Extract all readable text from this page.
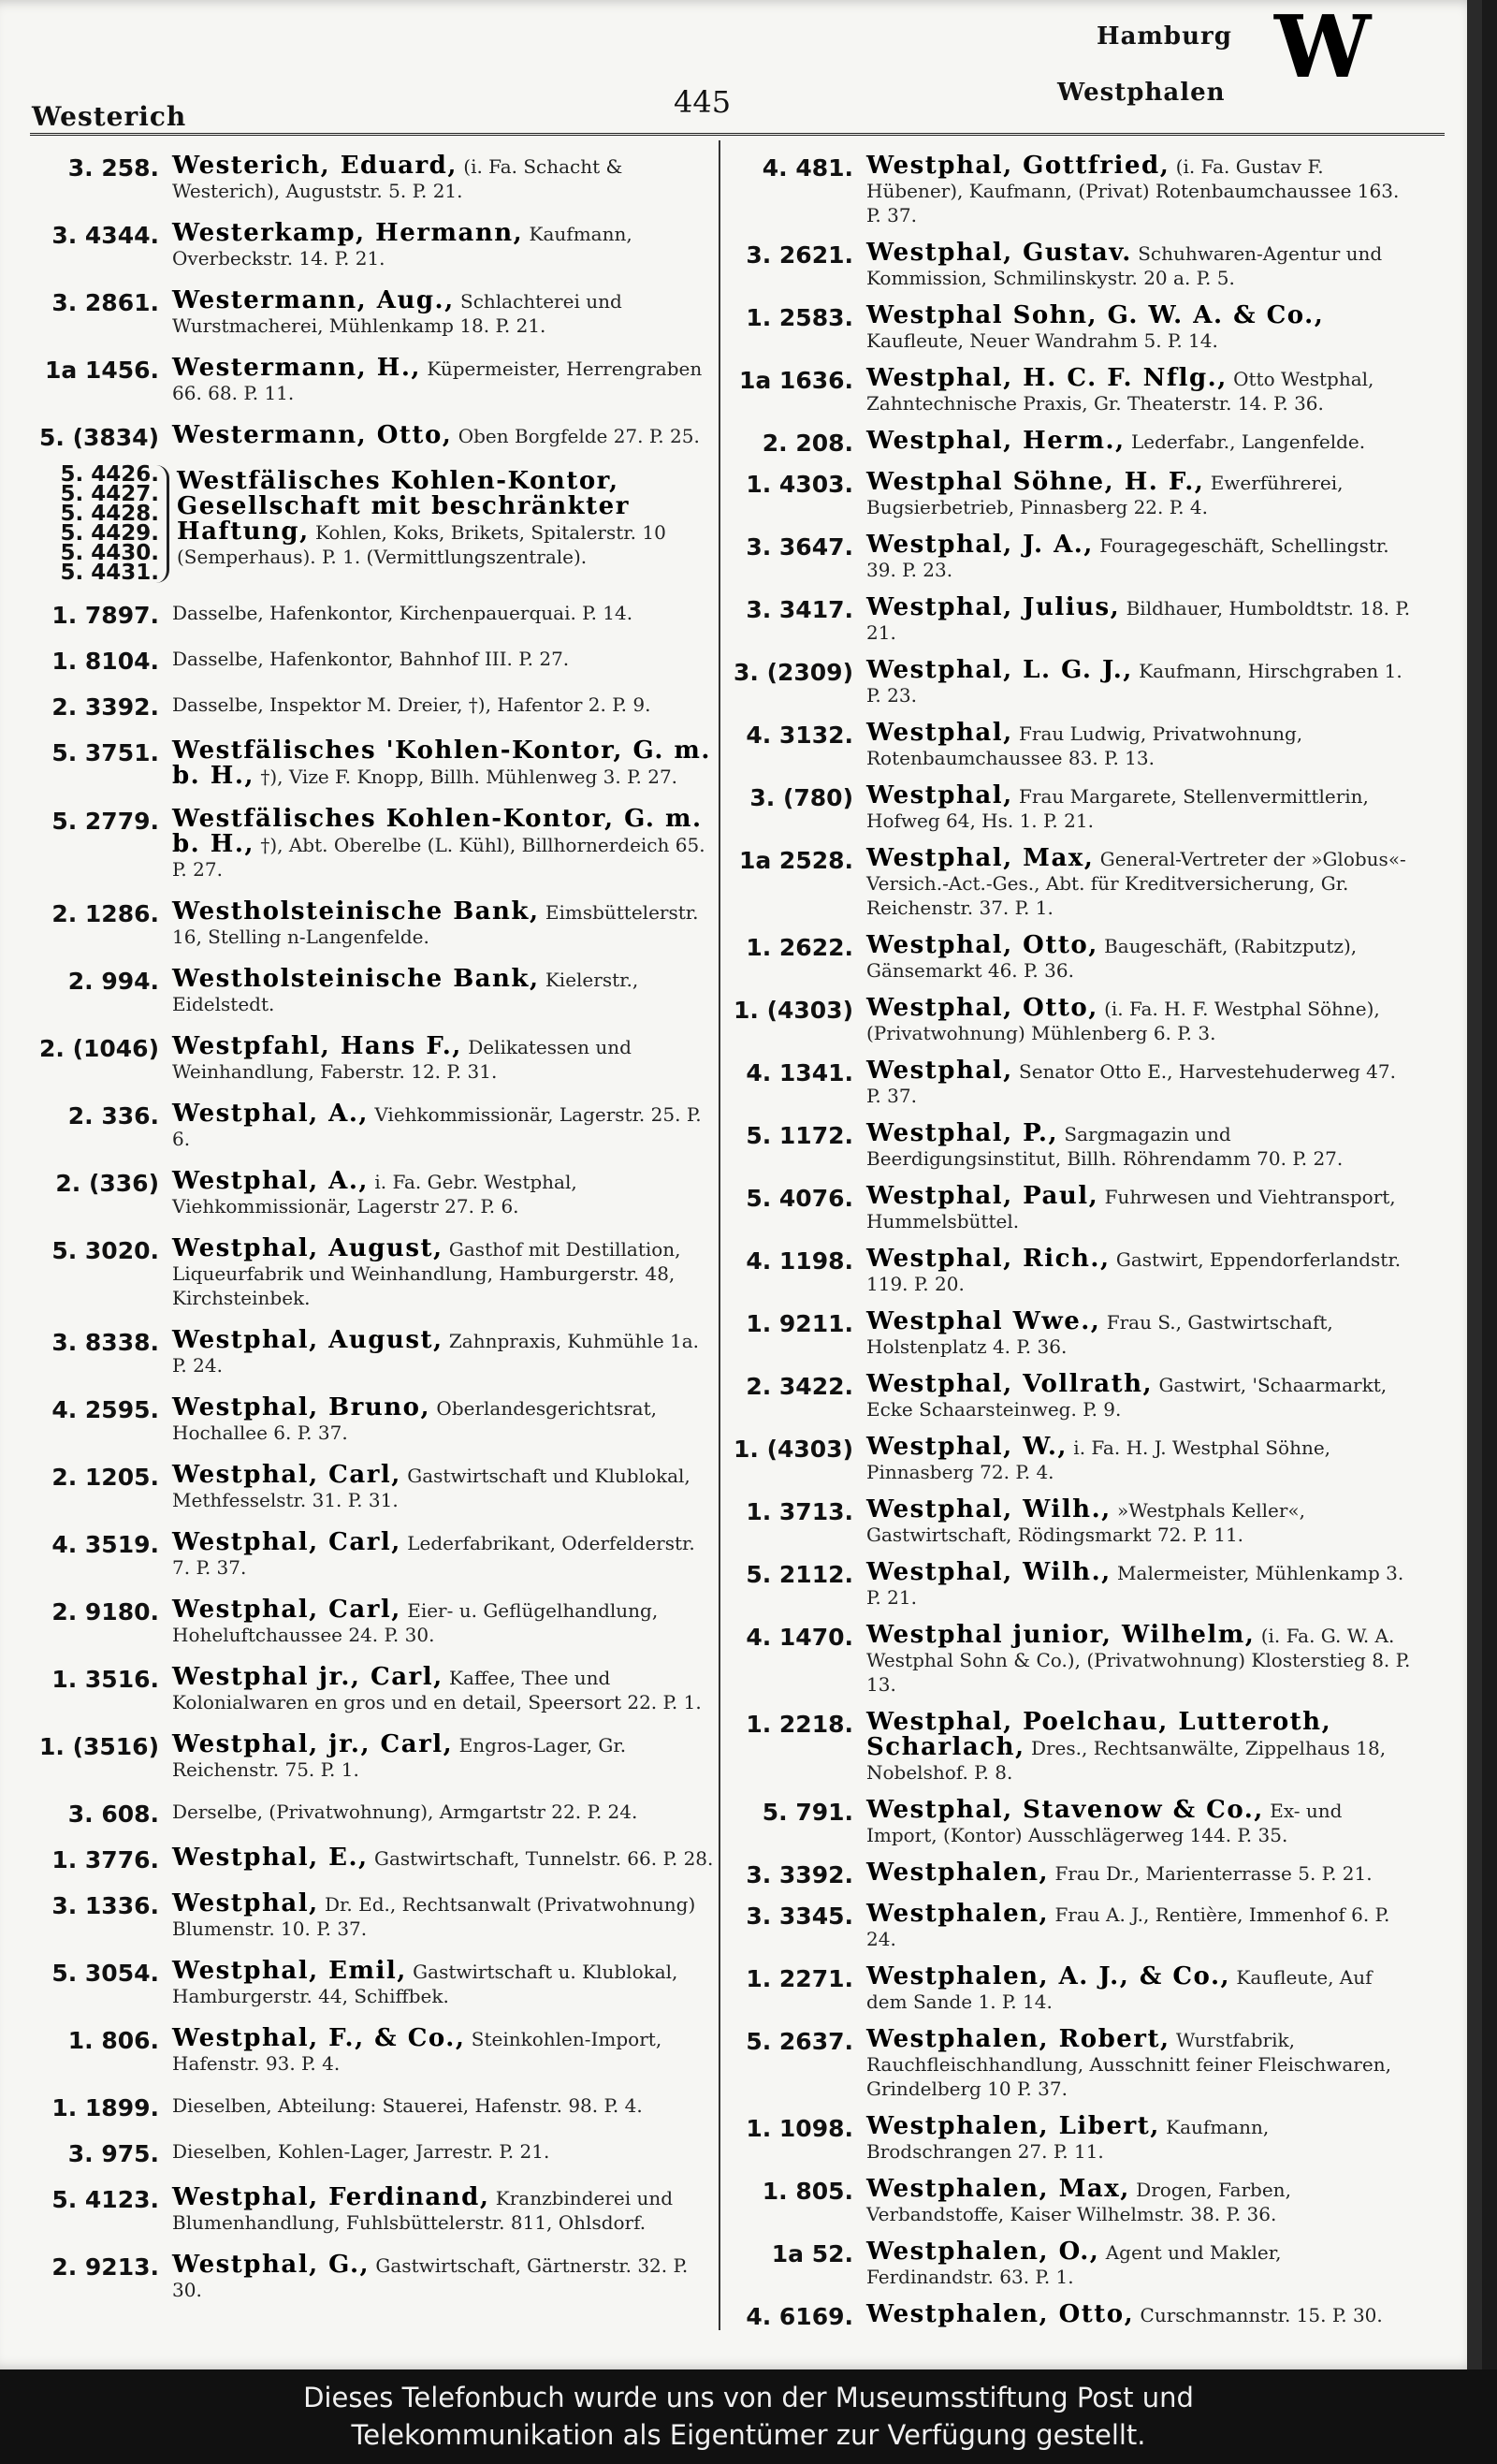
Westerich	445
Hamburg
Westphalen W
3. 258. Westerich, Eduard, (i. Fa. Schacht & Westerich), Auguststr. 5. P. 21.
3. 4344. Westerkamp, Hermann, Kaufmann, Overbeckstr. 14. P. 21.
3. 2861. Westermann, Aug., Schlachterei und Wurstmacherei, Mühlenkamp 18. P. 21.
1a 1456. Westermann, H., Küpermeister, Herrengraben 66. 68. P. 11.
5. (3834) Westermann, Otto, Oben Borgfelde 27. P. 25.
5. 4426.
5. 4427.
5. 4428.
5. 4429.
5. 4430.
5. 4431.
Westfälisches Kohlen-Kontor, Gesellschaft mit beschränkter Haftung, Kohlen, Koks, Brikets, Spitalerstr. 10 (Semperhaus). P. 1. (Vermittlungszentrale).
1. 7897. Dasselbe, Hafenkontor, Kirchenpauerquai. P. 14.
1. 8104. Dasselbe, Hafenkontor, Bahnhof III. P. 27.
2. 3392. Dasselbe, Inspektor M. Dreier, †), Hafentor 2. P. 9.
5. 3751. Westfälisches 'Kohlen-Kontor, G. m. b. H., †), Vize F. Knopp, Billh. Mühlenweg 3. P. 27.
5. 2779. Westfälisches Kohlen-Kontor, G. m. b. H., †), Abt. Oberelbe (L. Kühl), Billhornerdeich 65. P. 27.
2. 1286. Westholsteinische Bank, Eimsbüttelerstr. 16, Stelling n-Langenfelde.
2. 994. Westholsteinische Bank, Kielerstr., Eidelstedt.
2. (1046) Westpfahl, Hans F., Delikatessen und Weinhandlung, Faberstr. 12. P. 31.
2. 336. Westphal, A., Viehkommissionär, Lagerstr. 25. P. 6.
2. (336) Westphal, A., i. Fa. Gebr. Westphal, Viehkommissionär, Lagerstr 27. P. 6.
5. 3020. Westphal, August, Gasthof mit Destillation, Liqueurfabrik und Weinhandlung, Hamburgerstr. 48, Kirchsteinbek.
3. 8338. Westphal, August, Zahnpraxis, Kuhmühle 1a. P. 24.
4. 2595. Westphal, Bruno, Oberlandesgerichtsrat, Hochallee 6. P. 37.
2. 1205. Westphal, Carl, Gastwirtschaft und Klublokal, Methfesselstr. 31. P. 31.
4. 3519. Westphal, Carl, Lederfabrikant, Oderfelderstr. 7. P. 37.
2. 9180. Westphal, Carl, Eier- u. Geflügelhandlung, Hoheluftchaussee 24. P. 30.
1. 3516. Westphal jr., Carl, Kaffee, Thee und Kolonialwaren en gros und en detail, Speersort 22. P. 1.
1. (3516) Westphal, jr., Carl, Engros-Lager, Gr. Reichenstr. 75. P. 1.
3. 608. Derselbe, (Privatwohnung), Armgartstr 22. P. 24.
1. 3776. Westphal, E., Gastwirtschaft, Tunnelstr. 66. P. 28.
3. 1336. Westphal, Dr. Ed., Rechtsanwalt (Privatwohnung) Blumenstr. 10. P. 37.
5. 3054. Westphal, Emil, Gastwirtschaft u. Klublokal, Hamburgerstr. 44, Schiffbek.
1. 806. Westphal, F., & Co., Steinkohlen-Import, Hafenstr. 93. P. 4.
1. 1899. Dieselben, Abteilung: Stauerei, Hafenstr. 98. P. 4.
3. 975. Dieselben, Kohlen-Lager, Jarrestr. P. 21.
5. 4123. Westphal, Ferdinand, Kranzbinderei und Blumenhandlung, Fuhlsbüttelerstr. 811, Ohlsdorf.
2. 9213. Westphal, G., Gastwirtschaft, Gärtnerstr. 32. P. 30.
4. 481. Westphal, Gottfried, (i. Fa. Gustav F. Hübener), Kaufmann, (Privat) Rotenbaumchaussee 163. P. 37.
3. 2621. Westphal, Gustav. Schuhwaren-Agentur und Kommission, Schmilinskystr. 20 a. P. 5.
1. 2583. Westphal Sohn, G. W. A. & Co., Kaufleute, Neuer Wandrahm 5. P. 14.
1a 1636. Westphal, H. C. F. Nflg., Otto Westphal, Zahntechnische Praxis, Gr. Theaterstr. 14. P. 36.
2. 208. Westphal, Herm., Lederfabr., Langenfelde.
1. 4303. Westphal Söhne, H. F., Ewerführerei, Bugsierbetrieb, Pinnasberg 22. P. 4.
3. 3647. Westphal, J. A., Fouragegeschäft, Schellingstr. 39. P. 23.
3. 3417. Westphal, Julius, Bildhauer, Humboldtstr. 18. P. 21.
3. (2309) Westphal, L. G. J., Kaufmann, Hirschgraben 1. P. 23.
4. 3132. Westphal, Frau Ludwig, Privatwohnung, Rotenbaumchaussee 83. P. 13.
3. (780) Westphal, Frau Margarete, Stellenvermittlerin, Hofweg 64, Hs. 1. P. 21.
1a 2528. Westphal, Max, General-Vertreter der »Globus«-Versich.-Act.-Ges., Abt. für Kreditversicherung, Gr. Reichenstr. 37. P. 1.
1. 2622. Westphal, Otto, Baugeschäft, (Rabitzputz), Gänsemarkt 46. P. 36.
1. (4303) Westphal, Otto, (i. Fa. H. F. Westphal Söhne), (Privatwohnung) Mühlenberg 6. P. 3.
4. 1341. Westphal, Senator Otto E., Harvestehuderweg 47. P. 37.
5. 1172. Westphal, P., Sargmagazin und Beerdigungsinstitut, Billh. Röhrendamm 70. P. 27.
5. 4076. Westphal, Paul, Fuhrwesen und Viehtransport, Hummelsbüttel.
4. 1198. Westphal, Rich., Gastwirt, Eppendorferlandstr. 119. P. 20.
1. 9211. Westphal Wwe., Frau S., Gastwirtschaft, Holstenplatz 4. P. 36.
2. 3422. Westphal, Vollrath, Gastwirt, 'Schaarmarkt, Ecke Schaarsteinweg. P. 9.
1. (4303) Westphal, W., i. Fa. H. J. Westphal Söhne, Pinnasberg 72. P. 4.
1. 3713. Westphal, Wilh., »Westphals Keller«, Gastwirtschaft, Rödingsmarkt 72. P. 11.
5. 2112. Westphal, Wilh., Malermeister, Mühlenkamp 3. P. 21.
4. 1470. Westphal junior, Wilhelm, (i. Fa. G. W. A. Westphal Sohn & Co.), (Privatwohnung) Klosterstieg 8. P. 13.
1. 2218. Westphal, Poelchau, Lutteroth, Scharlach, Dres., Rechtsanwälte, Zippelhaus 18, Nobelshof. P. 8.
5. 791. Westphal, Stavenow & Co., Ex- und Import, (Kontor) Ausschlägerweg 144. P. 35.
3. 3392. Westphalen, Frau Dr., Marienterrasse 5. P. 21.
3. 3345. Westphalen, Frau A. J., Rentière, Immenhof 6. P. 24.
1. 2271. Westphalen, A. J., & Co., Kaufleute, Auf dem Sande 1. P. 14.
5. 2637. Westphalen, Robert, Wurstfabrik, Rauchfleischhandlung, Ausschnitt feiner Fleischwaren, Grindelberg 10 P. 37.
1. 1098. Westphalen, Libert, Kaufmann, Brodschrangen 27. P. 11.
1. 805. Westphalen, Max, Drogen, Farben, Verbandstoffe, Kaiser Wilhelmstr. 38. P. 36.
1a 52. Westphalen, O., Agent und Makler, Ferdinandstr. 63. P. 1.
4. 6169. Westphalen, Otto, Curschmannstr. 15. P. 30.
Dieses Telefonbuch wurde uns von der Museumsstiftung Post und
Telekommunikation als Eigentümer zur Verfügung gestellt.
